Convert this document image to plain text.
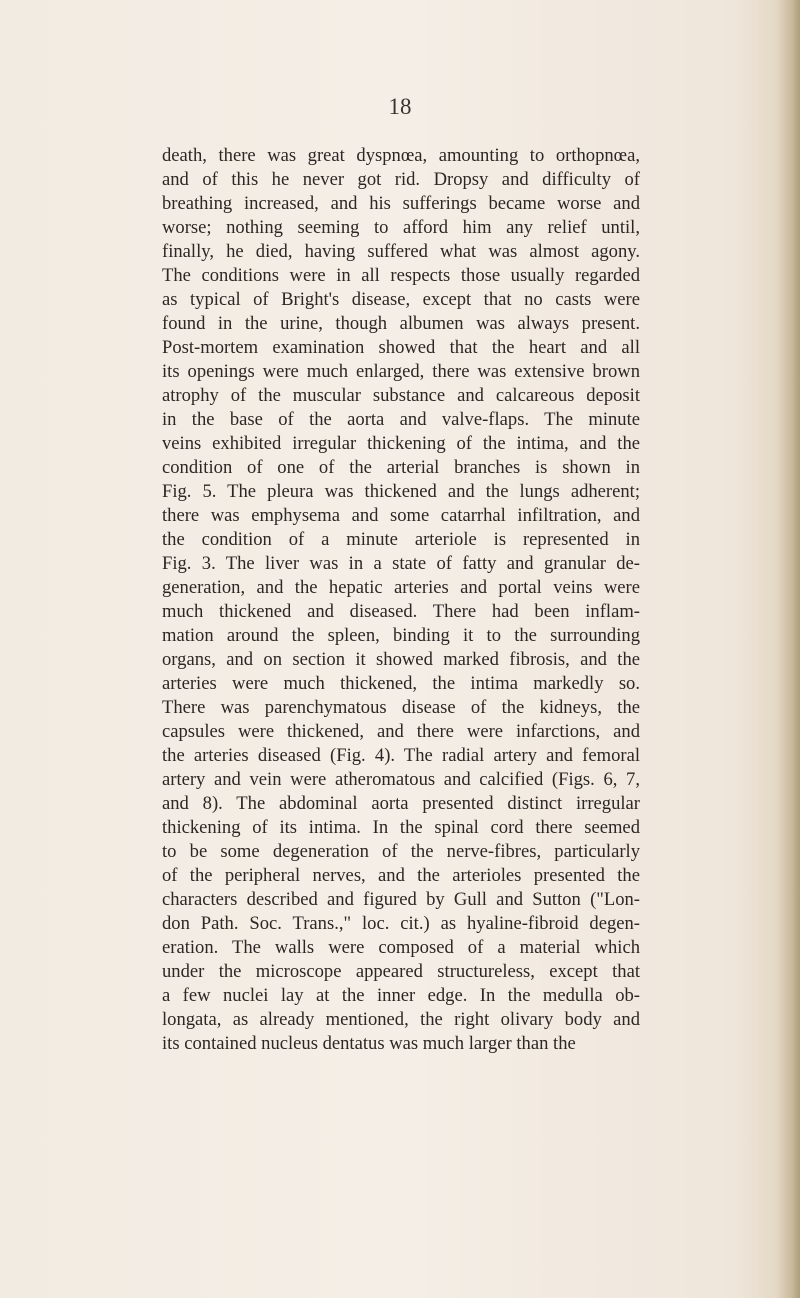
18
death, there was great dyspnœa, amounting to orthopnœa,
and of this he never got rid. Dropsy and difficulty of
breathing increased, and his sufferings became worse and
worse; nothing seeming to afford him any relief until,
finally, he died, having suffered what was almost agony.
The conditions were in all respects those usually regarded
as typical of Bright's disease, except that no casts were
found in the urine, though albumen was always present.
Post-mortem examination showed that the heart and all
its openings were much enlarged, there was extensive brown
atrophy of the muscular substance and calcareous deposit
in the base of the aorta and valve-flaps. The minute
veins exhibited irregular thickening of the intima, and the
condition of one of the arterial branches is shown in
Fig. 5. The pleura was thickened and the lungs adherent;
there was emphysema and some catarrhal infiltration, and
the condition of a minute arteriole is represented in
Fig. 3. The liver was in a state of fatty and granular de-
generation, and the hepatic arteries and portal veins were
much thickened and diseased. There had been inflam-
mation around the spleen, binding it to the surrounding
organs, and on section it showed marked fibrosis, and the
arteries were much thickened, the intima markedly so.
There was parenchymatous disease of the kidneys, the
capsules were thickened, and there were infarctions, and
the arteries diseased (Fig. 4). The radial artery and femoral
artery and vein were atheromatous and calcified (Figs. 6, 7,
and 8). The abdominal aorta presented distinct irregular
thickening of its intima. In the spinal cord there seemed
to be some degeneration of the nerve-fibres, particularly
of the peripheral nerves, and the arterioles presented the
characters described and figured by Gull and Sutton ("Lon-
don Path. Soc. Trans.," loc. cit.) as hyaline-fibroid degen-
eration. The walls were composed of a material which
under the microscope appeared structureless, except that
a few nuclei lay at the inner edge. In the medulla ob-
longata, as already mentioned, the right olivary body and
its contained nucleus dentatus was much larger than the
